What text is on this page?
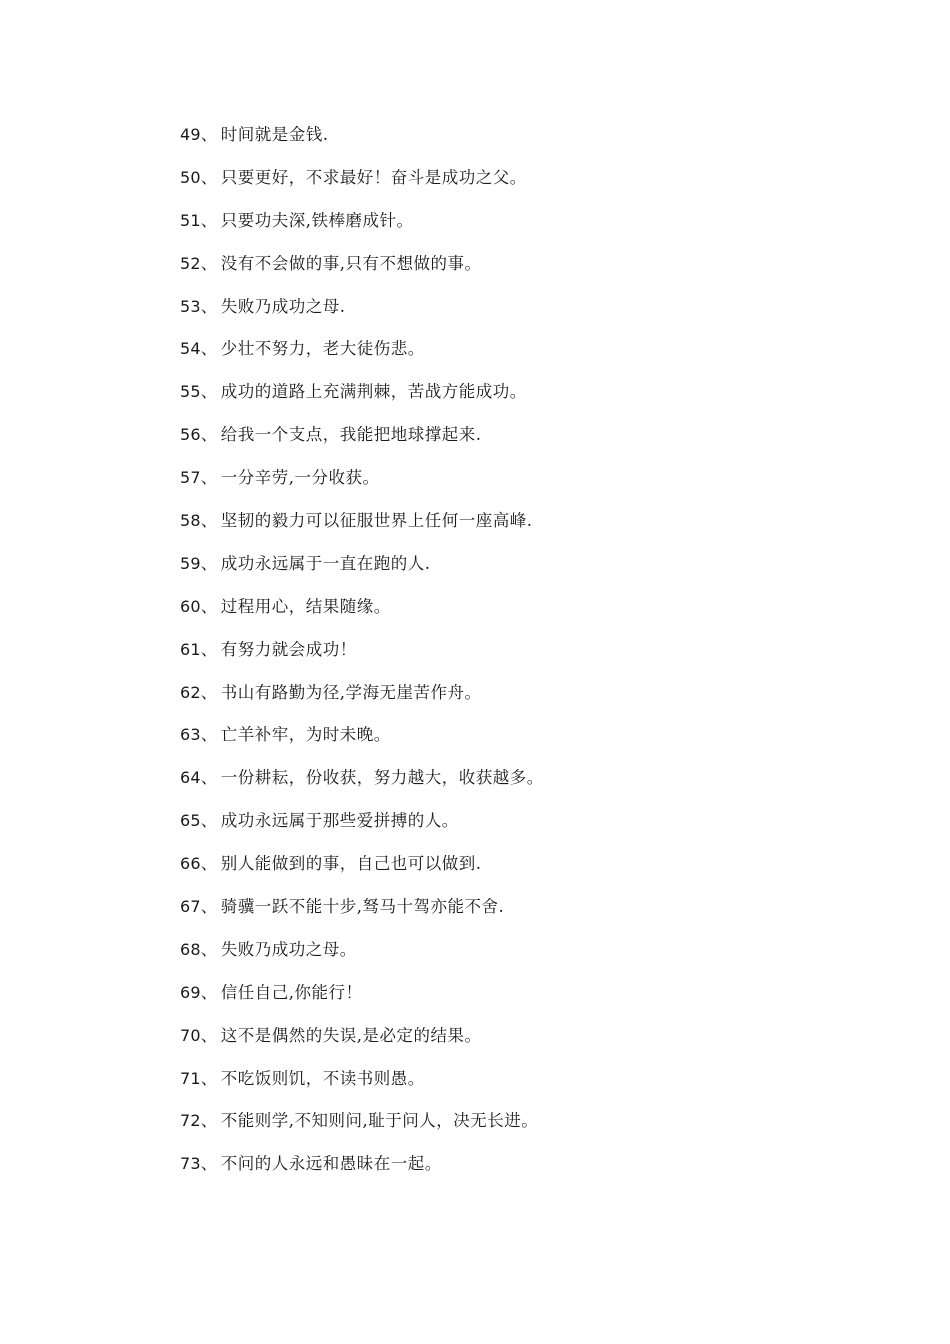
49 、 时间就是金钱.
50 、 只要更好，不求最好！奋斗是成功之父。
51 、 只要功夫深,铁棒磨成针。
52 、 没有不会做的事,只有不想做的事。
53 、 失败乃成功之母.
54 、 少壮不努力，老大徒伤悲。
55 、 成功的道路上充满荆棘，苦战方能成功。
56 、 给我一个支点，我能把地球撑起来.
57 、 一分辛劳,一分收获。
58 、 坚韧的毅力可以征服世界上任何一座高峰.
59 、 成功永远属于一直在跑的人.
60 、 过程用心，结果随缘。
61 、 有努力就会成功！
62 、 书山有路勤为径,学海无崖苦作舟。
63 、 亡羊补牢，为时未晚。
64 、 一份耕耘，份收获，努力越大，收获越多。
65 、 成功永远属于那些爱拼搏的人。
66 、 别人能做到的事，自己也可以做到.
67 、 骑骥一跃不能十步,驽马十驾亦能不舍.
68 、 失败乃成功之母。
69 、 信任自己,你能行！
70 、 这不是偶然的失误,是必定的结果。
71 、 不吃饭则饥，不读书则愚。
72 、 不能则学,不知则问,耻于问人，决无长进。
73 、 不问的人永远和愚昧在一起。
